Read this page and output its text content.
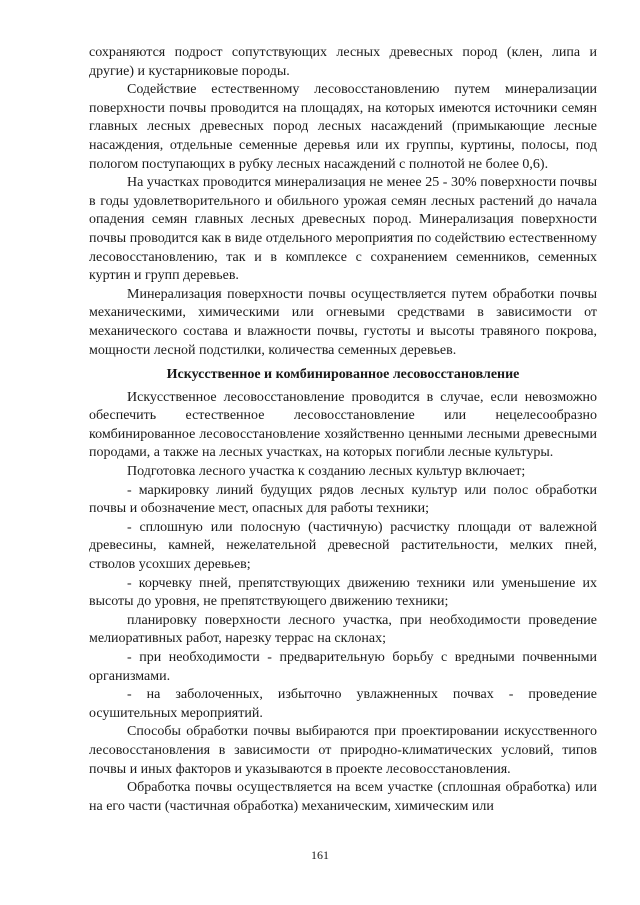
сохраняются подрост сопутствующих лесных древесных пород (клен, липа и другие) и кустарниковые породы.

Содействие естественному лесовосстановлению путем минерализации поверхности почвы проводится на площадях, на которых имеются источники семян главных лесных древесных пород лесных насаждений (примыкающие лесные насаждения, отдельные семенные деревья или их группы, куртины, полосы, под пологом поступающих в рубку лесных насаждений с полнотой не более 0,6).

На участках проводится минерализация не менее 25 - 30% поверхности почвы в годы удовлетворительного и обильного урожая семян лесных растений до начала опадения семян главных лесных древесных пород. Минерализация поверхности почвы проводится как в виде отдельного мероприятия по содействию естественному лесовосстановлению, так и в комплексе с сохранением семенников, семенных куртин и групп деревьев.

Минерализация поверхности почвы осуществляется путем обработки почвы механическими, химическими или огневыми средствами в зависимости от механического состава и влажности почвы, густоты и высоты травяного покрова, мощности лесной подстилки, количества семенных деревьев.

Искусственное и комбинированное лесовосстановление

Искусственное лесовосстановление проводится в случае, если невозможно обеспечить естественное лесовосстановление или нецелесообразно комбинированное лесовосстановление хозяйственно ценными лесными древесными породами, а также на лесных участках, на которых погибли лесные культуры.

Подготовка лесного участка к созданию лесных культур включает;

- маркировку линий будущих рядов лесных культур или полос обработки почвы и обозначение мест, опасных для работы техники;

- сплошную или полосную (частичную) расчистку площади от валежной древесины, камней, нежелательной древесной растительности, мелких пней, стволов усохших деревьев;

- корчевку пней, препятствующих движению техники или уменьшение их высоты до уровня, не препятствующего движению техники;

планировку поверхности лесного участка, при необходимости проведение мелиоративных работ, нарезку террас на склонах;

- при необходимости - предварительную борьбу с вредными почвенными организмами.

- на заболоченных, избыточно увлажненных почвах - проведение осушительных мероприятий.

Способы обработки почвы выбираются при проектировании искусственного лесовосстановления в зависимости от природно-климатических условий, типов почвы и иных факторов и указываются в проекте лесовосстановления.

Обработка почвы осуществляется на всем участке (сплошная обработка) или на его части (частичная обработка) механическим, химическим или

161
